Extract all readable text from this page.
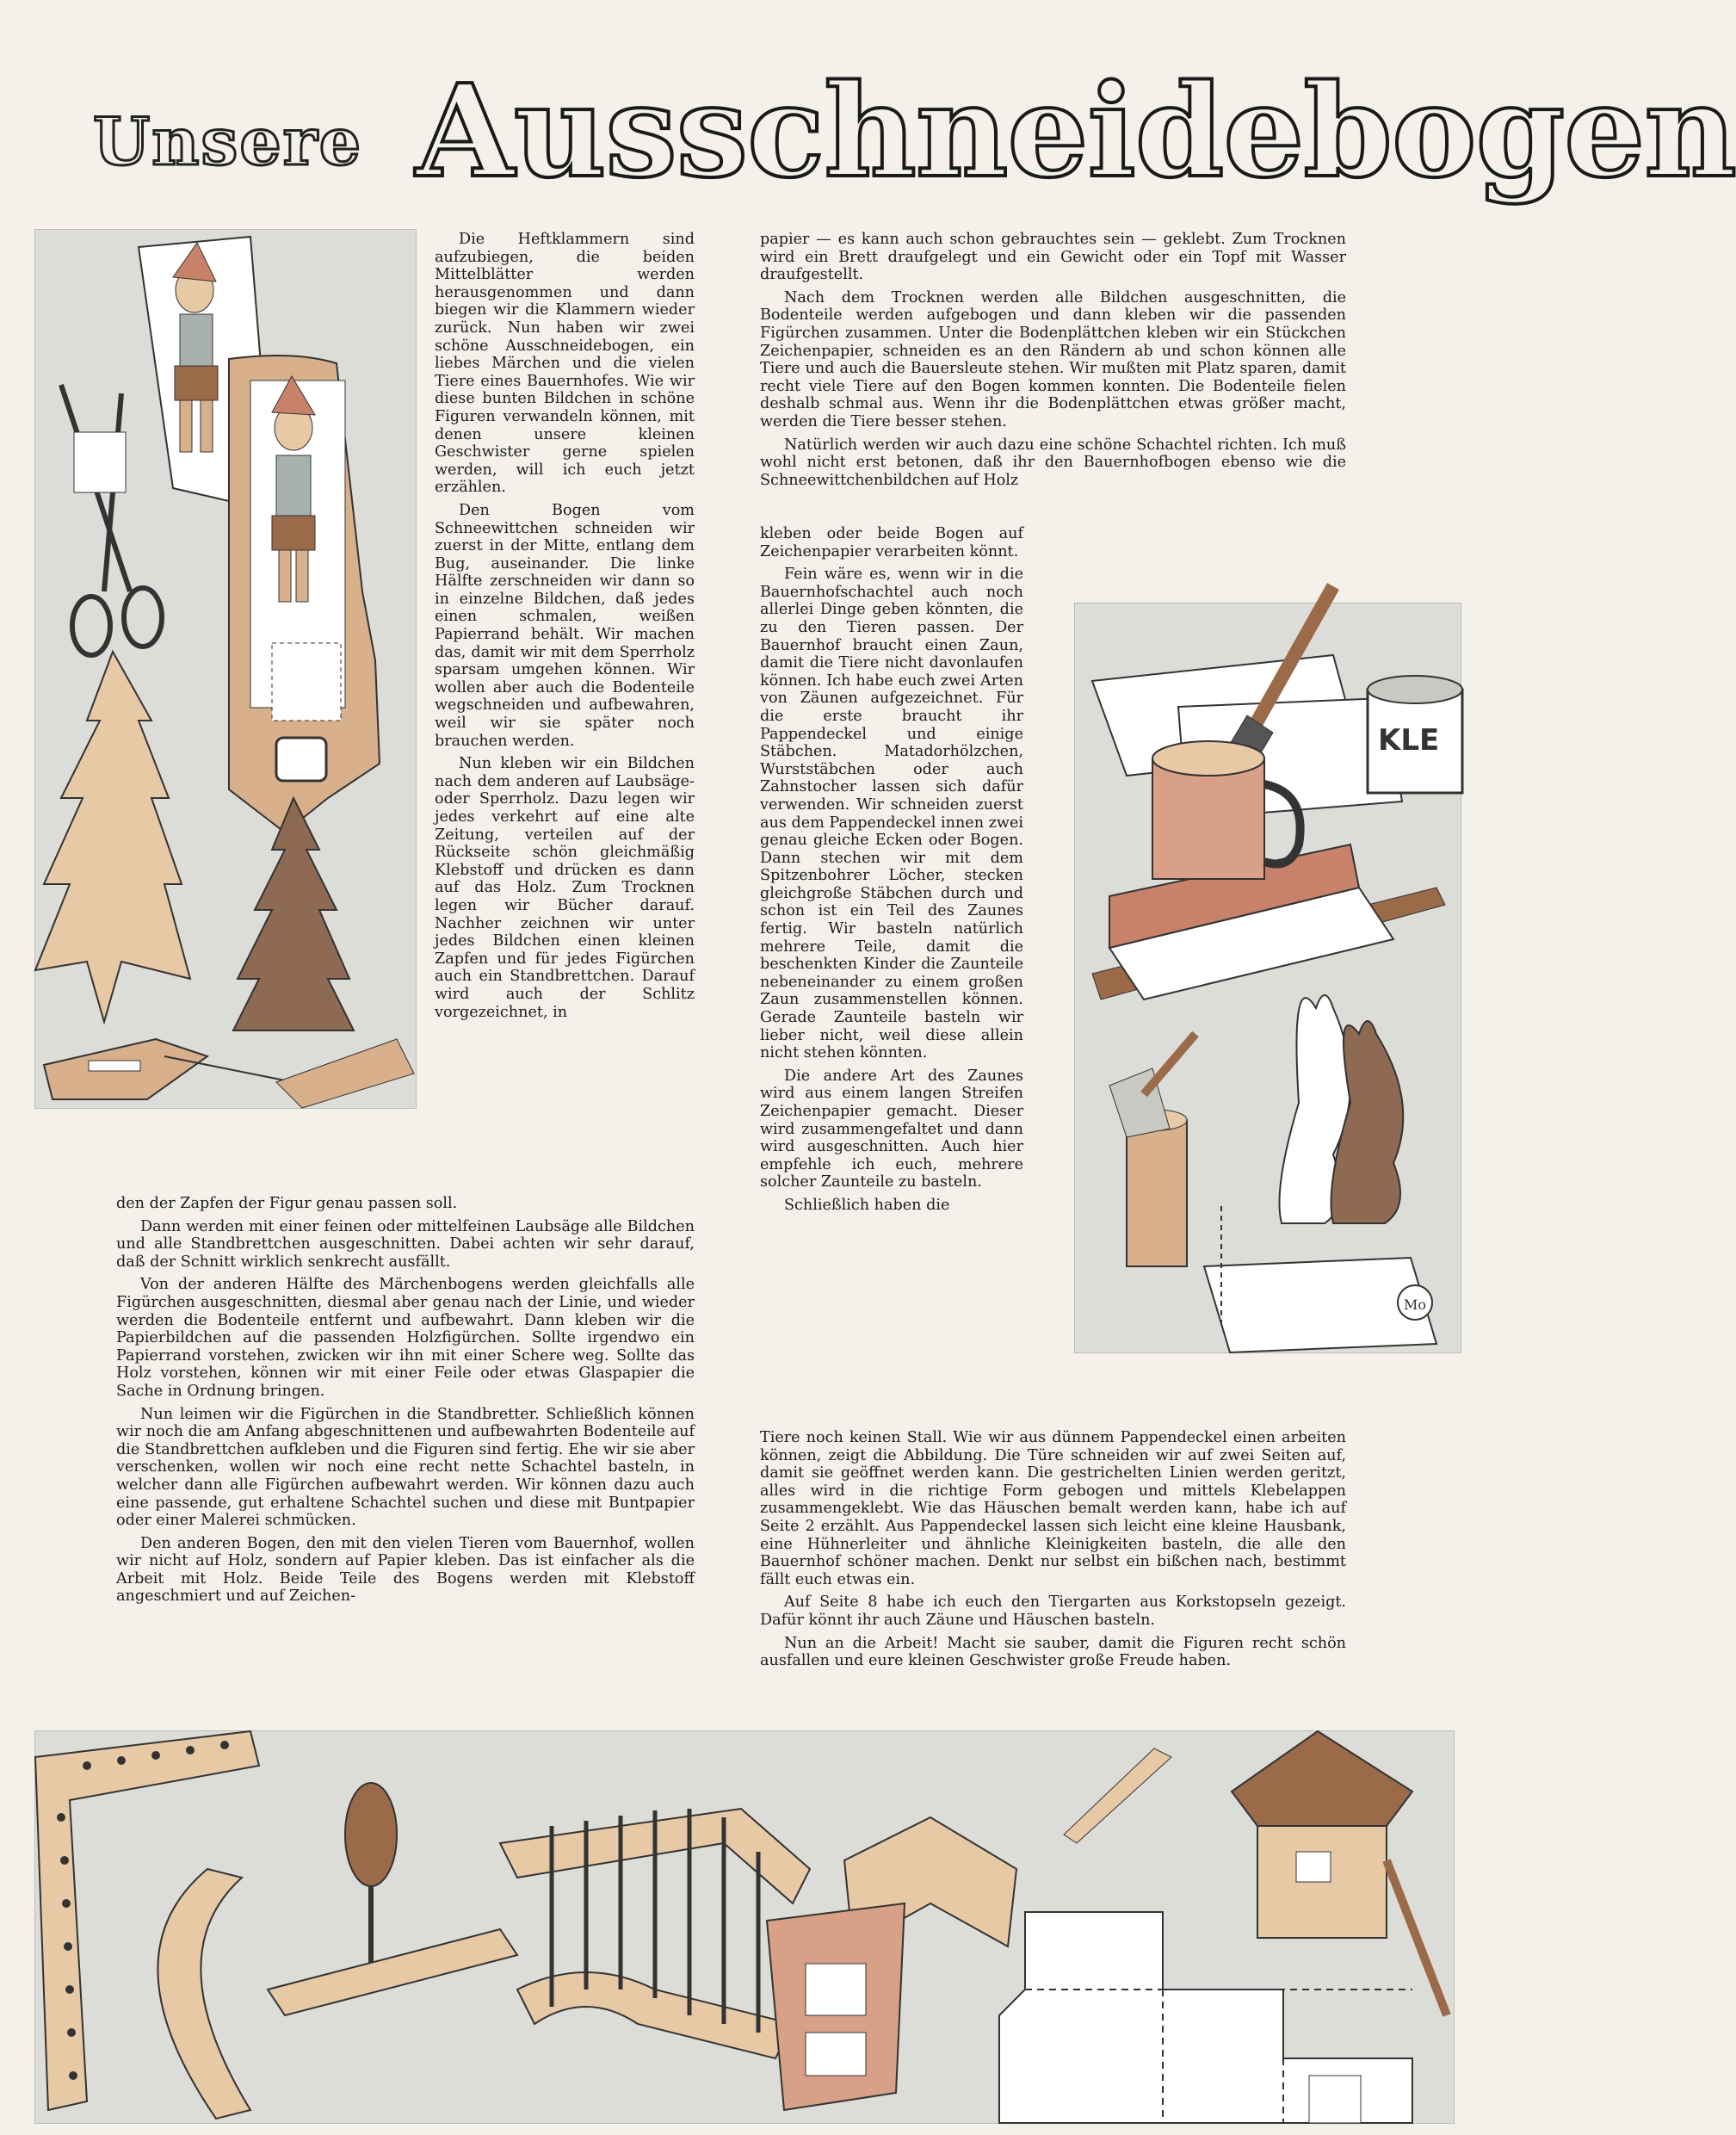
Unsere Ausschneidebogen
KLE
Mo

Die Heftklammern sind aufzubiegen, die beiden Mittelblätter werden herausgenommen und dann biegen wir die Klammern wieder zurück. Nun haben wir zwei schöne Ausschneidebogen, ein liebes Märchen und die vielen Tiere eines Bauernhofes. Wie wir diese bunten Bildchen in schöne Figuren verwandeln können, mit denen unsere kleinen Geschwister gerne spielen werden, will ich euch jetzt erzählen.

Den Bogen vom Schneewittchen schneiden wir zuerst in der Mitte, entlang dem Bug, auseinander. Die linke Hälfte zerschneiden wir dann so in einzelne Bildchen, daß jedes einen schmalen, weißen Papierrand behält. Wir machen das, damit wir mit dem Sperrholz sparsam umgehen können. Wir wollen aber auch die Bodenteile wegschneiden und aufbewahren, weil wir sie später noch brauchen werden.

Nun kleben wir ein Bildchen nach dem anderen auf Laubsäge- oder Sperrholz. Dazu legen wir jedes verkehrt auf eine alte Zeitung, verteilen auf der Rückseite schön gleichmäßig Klebstoff und drücken es dann auf das Holz. Zum Trocknen legen wir Bücher darauf. Nachher zeichnen wir unter jedes Bildchen einen kleinen Zapfen und für jedes Figürchen auch ein Standbrettchen. Darauf wird auch der Schlitz vorgezeichnet, in

den der Zapfen der Figur genau passen soll.

Dann werden mit einer feinen oder mittelfeinen Laubsäge alle Bildchen und alle Standbrettchen ausgeschnitten. Dabei achten wir sehr darauf, daß der Schnitt wirklich senkrecht ausfällt.

Von der anderen Hälfte des Märchenbogens werden gleichfalls alle Figürchen ausgeschnitten, diesmal aber genau nach der Linie, und wieder werden die Bodenteile entfernt und aufbewahrt. Dann kleben wir die Papierbildchen auf die passenden Holzfigürchen. Sollte irgendwo ein Papierrand vorstehen, zwicken wir ihn mit einer Schere weg. Sollte das Holz vorstehen, können wir mit einer Feile oder etwas Glaspapier die Sache in Ordnung bringen.

Nun leimen wir die Figürchen in die Standbretter. Schließlich können wir noch die am Anfang abgeschnittenen und aufbewahrten Bodenteile auf die Standbrettchen aufkleben und die Figuren sind fertig. Ehe wir sie aber verschenken, wollen wir noch eine recht nette Schachtel basteln, in welcher dann alle Figürchen aufbewahrt werden. Wir können dazu auch eine passende, gut erhaltene Schachtel suchen und diese mit Buntpapier oder einer Malerei schmücken.

Den anderen Bogen, den mit den vielen Tieren vom Bauernhof, wollen wir nicht auf Holz, sondern auf Papier kleben. Das ist einfacher als die Arbeit mit Holz. Beide Teile des Bogens werden mit Klebstoff angeschmiert und auf Zeichen-

papier — es kann auch schon gebrauchtes sein — geklebt. Zum Trocknen wird ein Brett draufgelegt und ein Gewicht oder ein Topf mit Wasser draufgestellt.

Nach dem Trocknen werden alle Bildchen ausgeschnitten, die Bodenteile werden aufgebogen und dann kleben wir die passenden Figürchen zusammen. Unter die Bodenplättchen kleben wir ein Stückchen Zeichenpapier, schneiden es an den Rändern ab und schon können alle Tiere und auch die Bauersleute stehen. Wir mußten mit Platz sparen, damit recht viele Tiere auf den Bogen kommen konnten. Die Bodenteile fielen deshalb schmal aus. Wenn ihr die Bodenplättchen etwas größer macht, werden die Tiere besser stehen.

Natürlich werden wir auch dazu eine schöne Schachtel richten. Ich muß wohl nicht erst betonen, daß ihr den Bauernhofbogen ebenso wie die Schneewittchenbildchen auf Holz

kleben oder beide Bogen auf Zeichenpapier verarbeiten könnt.

Fein wäre es, wenn wir in die Bauernhofschachtel auch noch allerlei Dinge geben könnten, die zu den Tieren passen. Der Bauernhof braucht einen Zaun, damit die Tiere nicht davonlaufen können. Ich habe euch zwei Arten von Zäunen aufgezeichnet. Für die erste braucht ihr Pappendeckel und einige Stäbchen. Matadorhölzchen, Wurststäbchen oder auch Zahnstocher lassen sich dafür verwenden. Wir schneiden zuerst aus dem Pappendeckel innen zwei genau gleiche Ecken oder Bogen. Dann stechen wir mit dem Spitzenbohrer Löcher, stecken gleichgroße Stäbchen durch und schon ist ein Teil des Zaunes fertig. Wir basteln natürlich mehrere Teile, damit die beschenkten Kinder die Zaunteile nebeneinander zu einem großen Zaun zusammenstellen können. Gerade Zaunteile basteln wir lieber nicht, weil diese allein nicht stehen könnten.

Die andere Art des Zaunes wird aus einem langen Streifen Zeichenpapier gemacht. Dieser wird zusammengefaltet und dann wird ausgeschnitten. Auch hier empfehle ich euch, mehrere solcher Zaunteile zu basteln.

Schließlich haben die

Tiere noch keinen Stall. Wie wir aus dünnem Pappendeckel einen arbeiten können, zeigt die Abbildung. Die Türe schneiden wir auf zwei Seiten auf, damit sie geöffnet werden kann. Die gestrichelten Linien werden geritzt, alles wird in die richtige Form gebogen und mittels Klebelappen zusammengeklebt. Wie das Häuschen bemalt werden kann, habe ich auf Seite 2 erzählt. Aus Pappendeckel lassen sich leicht eine kleine Hausbank, eine Hühnerleiter und ähnliche Kleinigkeiten basteln, die alle den Bauernhof schöner machen. Denkt nur selbst ein bißchen nach, bestimmt fällt euch etwas ein.

Auf Seite 8 habe ich euch den Tiergarten aus Korkstopseln gezeigt. Dafür könnt ihr auch Zäune und Häuschen basteln.

Nun an die Arbeit! Macht sie sauber, damit die Figuren recht schön ausfallen und eure kleinen Geschwister große Freude haben.
